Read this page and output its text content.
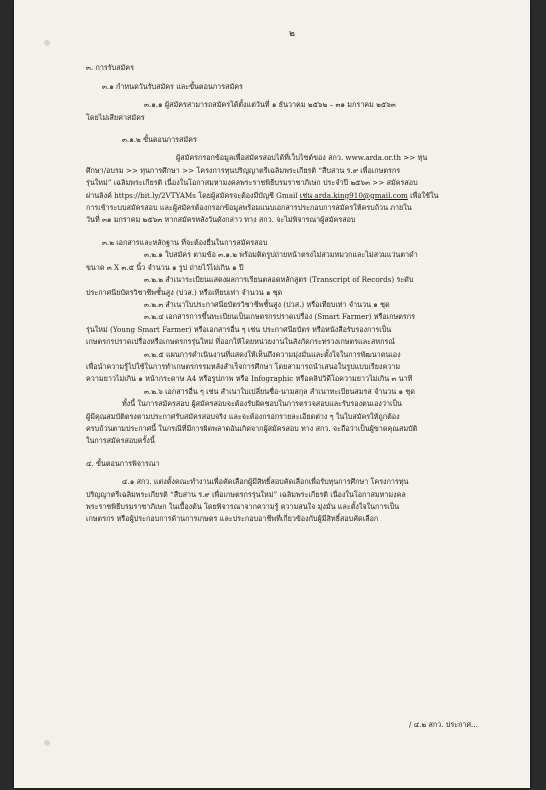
๒

๓. การรับสมัคร

๓.๑ กำหนดวันรับสมัคร และขั้นตอนการสมัคร

๓.๑.๑ ผู้สมัครสามารถสมัครได้ตั้งแต่วันที่ ๑ ธันวาคม ๒๕๖๒ – ๓๑ มกราคม ๒๕๖๓

โดยไม่เสียค่าสมัคร

๓.๑.๒ ขั้นตอนการสมัคร

ผู้สมัครกรอกข้อมูลเพื่อสมัครสอบได้ที่เว็บไซต์ของ สกว. www.arda.or.th >> ทุน

ศึกษา/อบรม >> ทุนการศึกษา >> โครงการทุนปริญญาตรีเฉลิมพระเกียรติ “สืบสาน ร.๙ เพื่อเกษตรกร

รุ่นใหม่” เฉลิมพระเกียรติ เนื่องในโอกาสมหามงคลพระราชพิธีบรมราชาภิเษก ประจำปี ๒๕๖๓ >> สมัครสอบ

ผ่านลิงค์ https://bit.ly/2VTYAMs โดยผู้สมัครจะต้องมีบัญชี Gmail เช่น arda.king910@gmail.com เพื่อใช้ใน

การเข้าระบบสมัครสอบ และผู้สมัครต้องกรอกข้อมูลพร้อมแนบเอกสารประกอบการสมัครให้ครบถ้วน ภายใน

วันที่ ๓๑ มกราคม ๒๕๖๓ หากสมัครหลังวันดังกล่าว ทาง สกว. จะไม่พิจารณาผู้สมัครสอบ

๓.๒ เอกสารและหลักฐาน ที่จะต้องยื่นในการสมัครสอบ

๓.๒.๑ ใบสมัคร ตามข้อ ๓.๑.๒ พร้อมติดรูปถ่ายหน้าตรงไม่สวมหมวกและไม่สวมแว่นตาดำ

ขนาด ๓ X ๓.๕ นิ้ว จำนวน ๑ รูป ถ่ายไว้ไม่เกิน ๑ ปี

๓.๒.๒ สำเนาระเบียนแสดงผลการเรียนตลอดหลักสูตร (Transcript of Records) ระดับ

ประกาศนียบัตรวิชาชีพชั้นสูง (ปวส.) หรือเทียบเท่า จำนวน ๑ ชุด

๓.๒.๓ สำเนาใบประกาศนียบัตรวิชาชีพชั้นสูง (ปวส.) หรือเทียบเท่า จำนวน ๑ ชุด

๓.๒.๔ เอกสารการขึ้นทะเบียนเป็นเกษตรกรปราดเปรื่อง (Smart Farmer) หรือเกษตรกร

รุ่นใหม่ (Young Smart Farmer) หรือเอกสารอื่น ๆ เช่น ประกาศนียบัตร หรือหนังสือรับรองการเป็น

เกษตรกรปราดเปรื่องหรือเกษตรกรรุ่นใหม่ ที่ออกให้โดยหน่วยงานในสังกัดกระทรวงเกษตรและสหกรณ์

๓.๒.๕ แผนการดำเนินงานที่แสดงให้เห็นถึงความมุ่งมั่นและตั้งใจในการพัฒนาตนเอง

เพื่อนำความรู้ไปใช้ในการทำเกษตรกรรมหลังสำเร็จการศึกษา โดยสามารถนำเสนอในรูปแบบเรียงความ

ความยาวไม่เกิน ๑ หน้ากระดาษ A4 หรือรูปภาพ หรือ Infographic หรือคลิปวิดีโอความยาวไม่เกิน ๓ นาที

๓.๒.๖ เอกสารอื่น ๆ เช่น สำเนาใบเปลี่ยนชื่อ-นามสกุล สำเนาทะเบียนสมรส จำนวน ๑ ชุด

ทั้งนี้ ในการสมัครสอบ ผู้สมัครสอบจะต้องรับผิดชอบในการตรวจสอบและรับรองตนเองว่าเป็น

ผู้มีคุณสมบัติตรงตามประกาศรับสมัครสอบจริง และจะต้องกรอกรายละเอียดต่าง ๆ ในใบสมัครให้ถูกต้อง

ครบถ้วนตามประกาศนี้ ในกรณีที่มีการผิดพลาดอันเกิดจากผู้สมัครสอบ ทาง สกว. จะถือว่าเป็นผู้ขาดคุณสมบัติ

ในการสมัครสอบครั้งนี้

๔. ขั้นตอนการพิจารณา

๔.๑ สกว. แต่งตั้งคณะทำงานเพื่อคัดเลือกผู้มีสิทธิ์สอบคัดเลือกเพื่อรับทุนการศึกษา โครงการทุน

ปริญญาตรีเฉลิมพระเกียรติ “สืบสาน ร.๙ เพื่อเกษตรกรรุ่นใหม่” เฉลิมพระเกียรติ เนื่องในโอกาสมหามงคล

พระราชพิธีบรมราชาภิเษก ในเบื้องต้น โดยพิจารณาจากความรู้ ความสนใจ มุ่งมั่น และตั้งใจในการเป็น

เกษตรกร หรือผู้ประกอบการด้านการเกษตร และประกอบอาชีพที่เกี่ยวข้องกับผู้มีสิทธิ์สอบคัดเลือก

/ ๔.๒ สกว. ประกาศ...
